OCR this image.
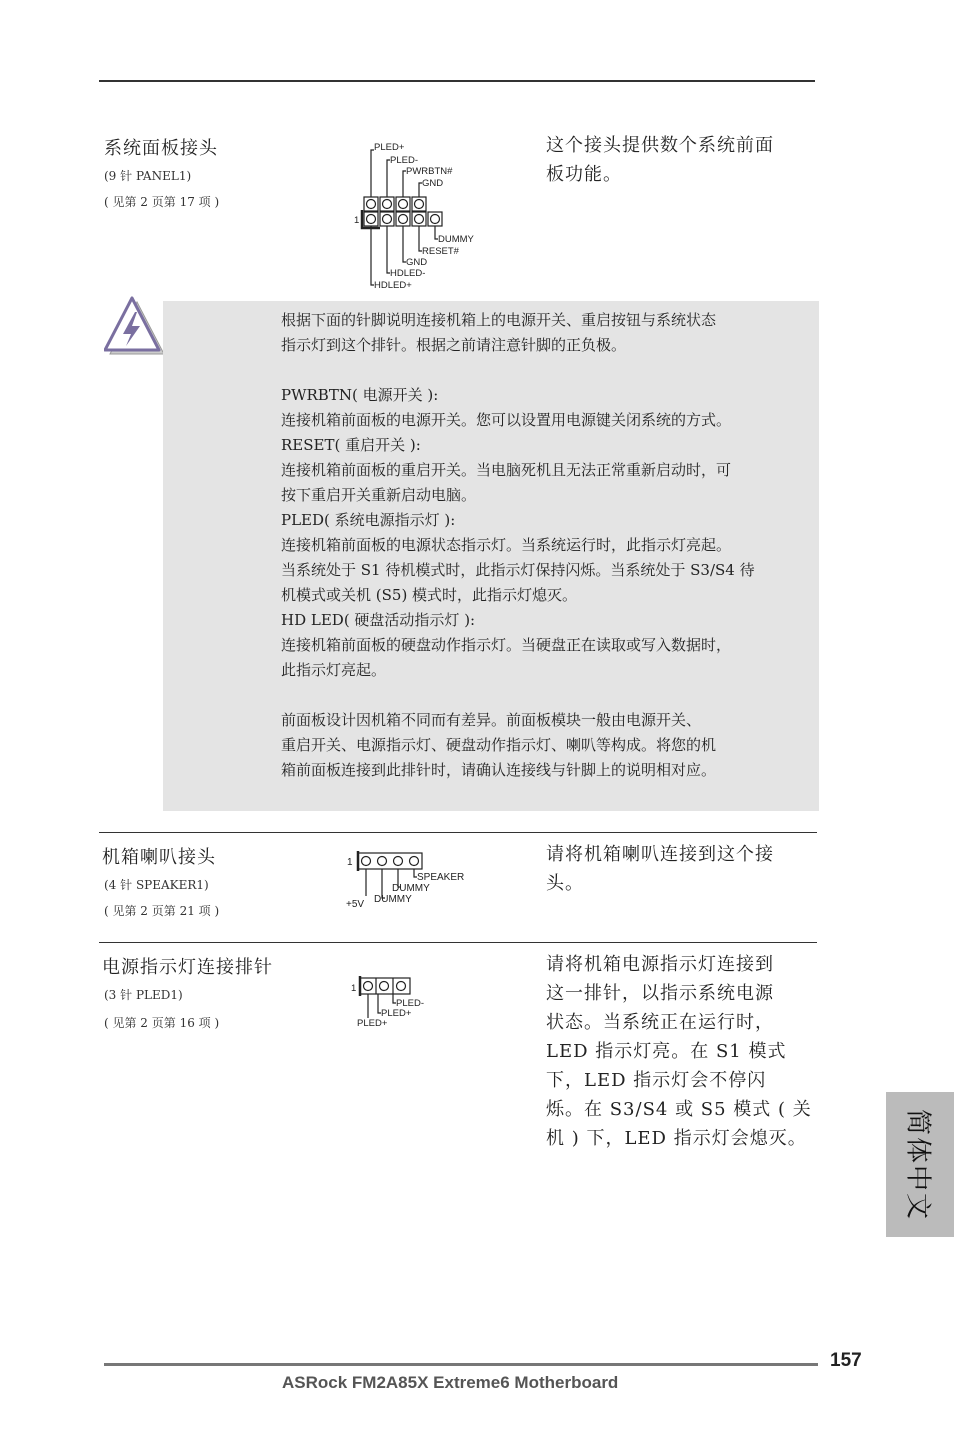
系统面板接头
(9 针 PANEL1)
( 见第 2 页第 17 项 )
这个接头提供数个系统前面
板功能。
1
PLED+
PLED-
PWRBTN#
GND
DUMMY
RESET#
GND
HDLED-
HDLED+
根据下面的针脚说明连接机箱上的电源开关、重启按钮与系统状态
指示灯到这个排针。根据之前请注意针脚的正负极。
PWRBTN( 电源开关 ):
连接机箱前面板的电源开关。您可以设置用电源键关闭系统的方式。
RESET( 重启开关 ):
连接机箱前面板的重启开关。当电脑死机且无法正常重新启动时，可
按下重启开关重新启动电脑。
PLED( 系统电源指示灯 ):
连接机箱前面板的电源状态指示灯。当系统运行时，此指示灯亮起。
当系统处于 S1 待机模式时，此指示灯保持闪烁。当系统处于 S3/S4 待
机模式或关机 (S5) 模式时，此指示灯熄灭。
HD LED( 硬盘活动指示灯 ):
连接机箱前面板的硬盘动作指示灯。当硬盘正在读取或写入数据时，
此指示灯亮起。
前面板设计因机箱不同而有差异。前面板模块一般由电源开关、
重启开关、电源指示灯、硬盘动作指示灯、喇叭等构成。将您的机
箱前面板连接到此排针时，请确认连接线与针脚上的说明相对应。
机箱喇叭接头
(4 针 SPEAKER1)
( 见第 2 页第 21 项 )
请将机箱喇叭连接到这个接
头。
1
SPEAKER
DUMMY
DUMMY
+5V
电源指示灯连接排针
(3 针 PLED1)
( 见第 2 页第 16 项 )
请将机箱电源指示灯连接到
这一排针，以指示系统电源
状态。当系统正在运行时，
LED 指示灯亮。在 S1 模式
下，LED 指示灯会不停闪
烁。在 S3/S4 或 S5 模式 ( 关
机 ) 下，LED 指示灯会熄灭。
1
PLED-
PLED+
PLED+
简体中文
157
ASRock FM2A85X Extreme6 Motherboard
